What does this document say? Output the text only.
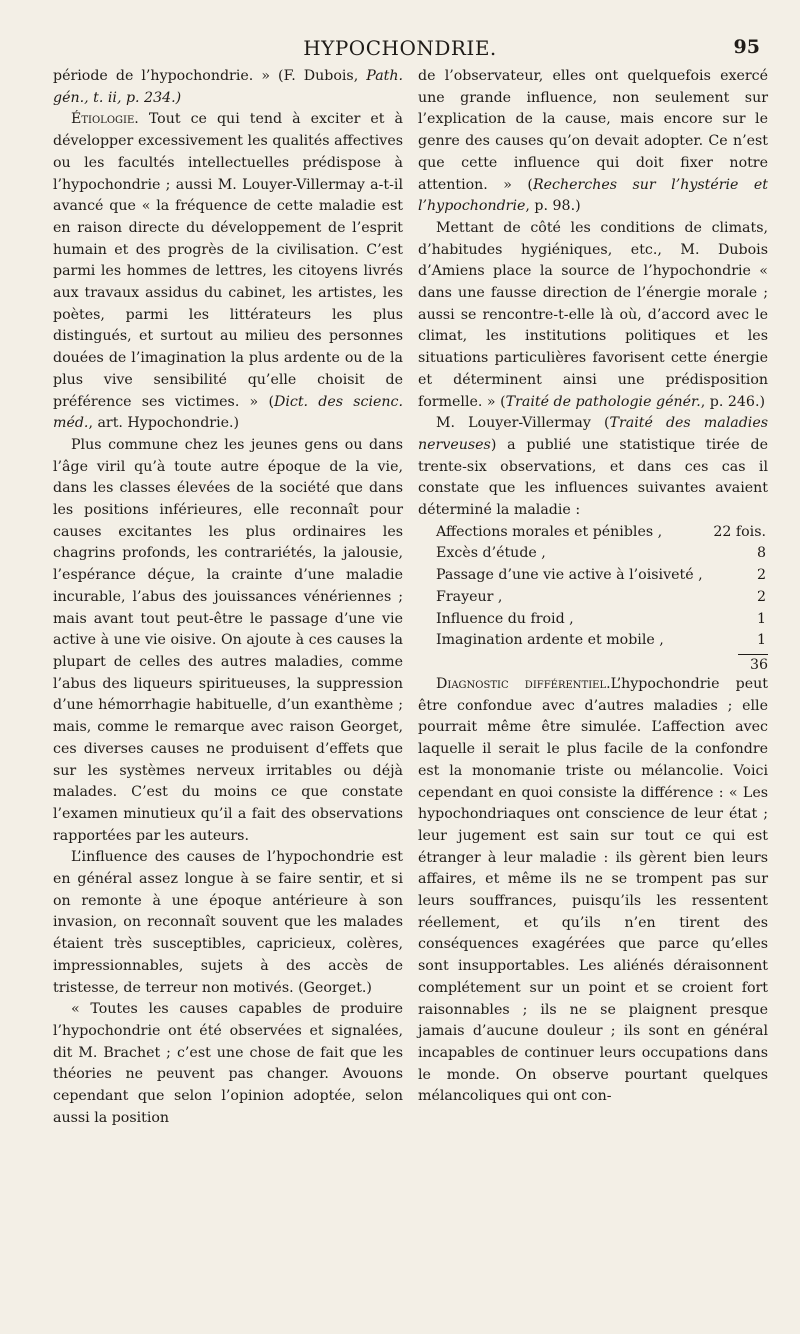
HYPOCHONDRIE.	95

période de l’hypochondrie. » (F. Dubois, Path. gén., t. ii, p. 234.)

Étiologie. Tout ce qui tend à exciter et à développer excessivement les qualités affectives ou les facultés intellectuelles prédispose à l’hypochondrie ; aussi M. Louyer-Villermay a-t-il avancé que « la fréquence de cette maladie est en raison directe du développement de l’esprit humain et des progrès de la civilisation. C’est parmi les hommes de lettres, les citoyens livrés aux travaux assidus du cabinet, les artistes, les poètes, parmi les littérateurs les plus distingués, et surtout au milieu des personnes douées de l’imagination la plus ardente ou de la plus vive sensibilité qu’elle choisit de préférence ses victimes. » (Dict. des scienc. méd., art. Hypochondrie.)

Plus commune chez les jeunes gens ou dans l’âge viril qu’à toute autre époque de la vie, dans les classes élevées de la société que dans les positions inférieures, elle reconnaît pour causes excitantes les plus ordinaires les chagrins profonds, les contrariétés, la jalousie, l’espérance déçue, la crainte d’une maladie incurable, l’abus des jouissances vénériennes ; mais avant tout peut-être le passage d’une vie active à une vie oisive. On ajoute à ces causes la plupart de celles des autres maladies, comme l’abus des liqueurs spiritueuses, la suppression d’une hémorrhagie habituelle, d’un exanthème ; mais, comme le remarque avec raison Georget, ces diverses causes ne produisent d’effets que sur les systèmes nerveux irritables ou déjà malades. C’est du moins ce que constate l’examen minutieux qu’il a fait des observations rapportées par les auteurs.

L’influence des causes de l’hypochondrie est en général assez longue à se faire sentir, et si on remonte à une époque antérieure à son invasion, on reconnaît souvent que les malades étaient très susceptibles, capricieux, colères, impressionnables, sujets à des accès de tristesse, de terreur non motivés. (Georget.)

« Toutes les causes capables de produire l’hypochondrie ont été observées et signalées, dit M. Brachet ; c’est une chose de fait que les théories ne peuvent pas changer. Avouons cependant que selon l’opinion adoptée, selon aussi la position

de l’observateur, elles ont quelquefois exercé une grande influence, non seulement sur l’explication de la cause, mais encore sur le genre des causes qu’on devait adopter. Ce n’est que cette influence qui doit fixer notre attention. » (Recherches sur l’hystérie et l’hypochondrie, p. 98.)

Mettant de côté les conditions de climats, d’habitudes hygiéniques, etc., M. Dubois d’Amiens place la source de l’hypochondrie « dans une fausse direction de l’énergie morale ; aussi se rencontre-t-elle là où, d’accord avec le climat, les institutions politiques et les situations particulières favorisent cette énergie et déterminent ainsi une prédisposition formelle. » (Traité de pathologie génér., p. 246.)

M. Louyer-Villermay (Traité des maladies nerveuses) a publié une statistique tirée de trente-six observations, et dans ces cas il constate que les influences suivantes avaient déterminé la maladie :

Affections morales et pénibles ,	22 fois.
Excès d’étude ,	8
Passage d’une vie active à l’oisiveté ,	2
Frayeur ,	2
Influence du froid ,	1
Imagination ardente et mobile ,	1
36

Diagnostic différentiel.L’hypochondrie peut être confondue avec d’autres maladies ; elle pourrait même être simulée. L’affection avec laquelle il serait le plus facile de la confondre est la monomanie triste ou mélancolie. Voici cependant en quoi consiste la différence : « Les hypochondriaques ont conscience de leur état ; leur jugement est sain sur tout ce qui est étranger à leur maladie : ils gèrent bien leurs affaires, et même ils ne se trompent pas sur leurs souffrances, puisqu’ils les ressentent réellement, et qu’ils n’en tirent des conséquences exagérées que parce qu’elles sont insupportables. Les aliénés déraisonnent complétement sur un point et se croient fort raisonnables ; ils ne se plaignent presque jamais d’aucune douleur ; ils sont en général incapables de continuer leurs occupations dans le monde. On observe pourtant quelques mélancoliques qui ont con-
